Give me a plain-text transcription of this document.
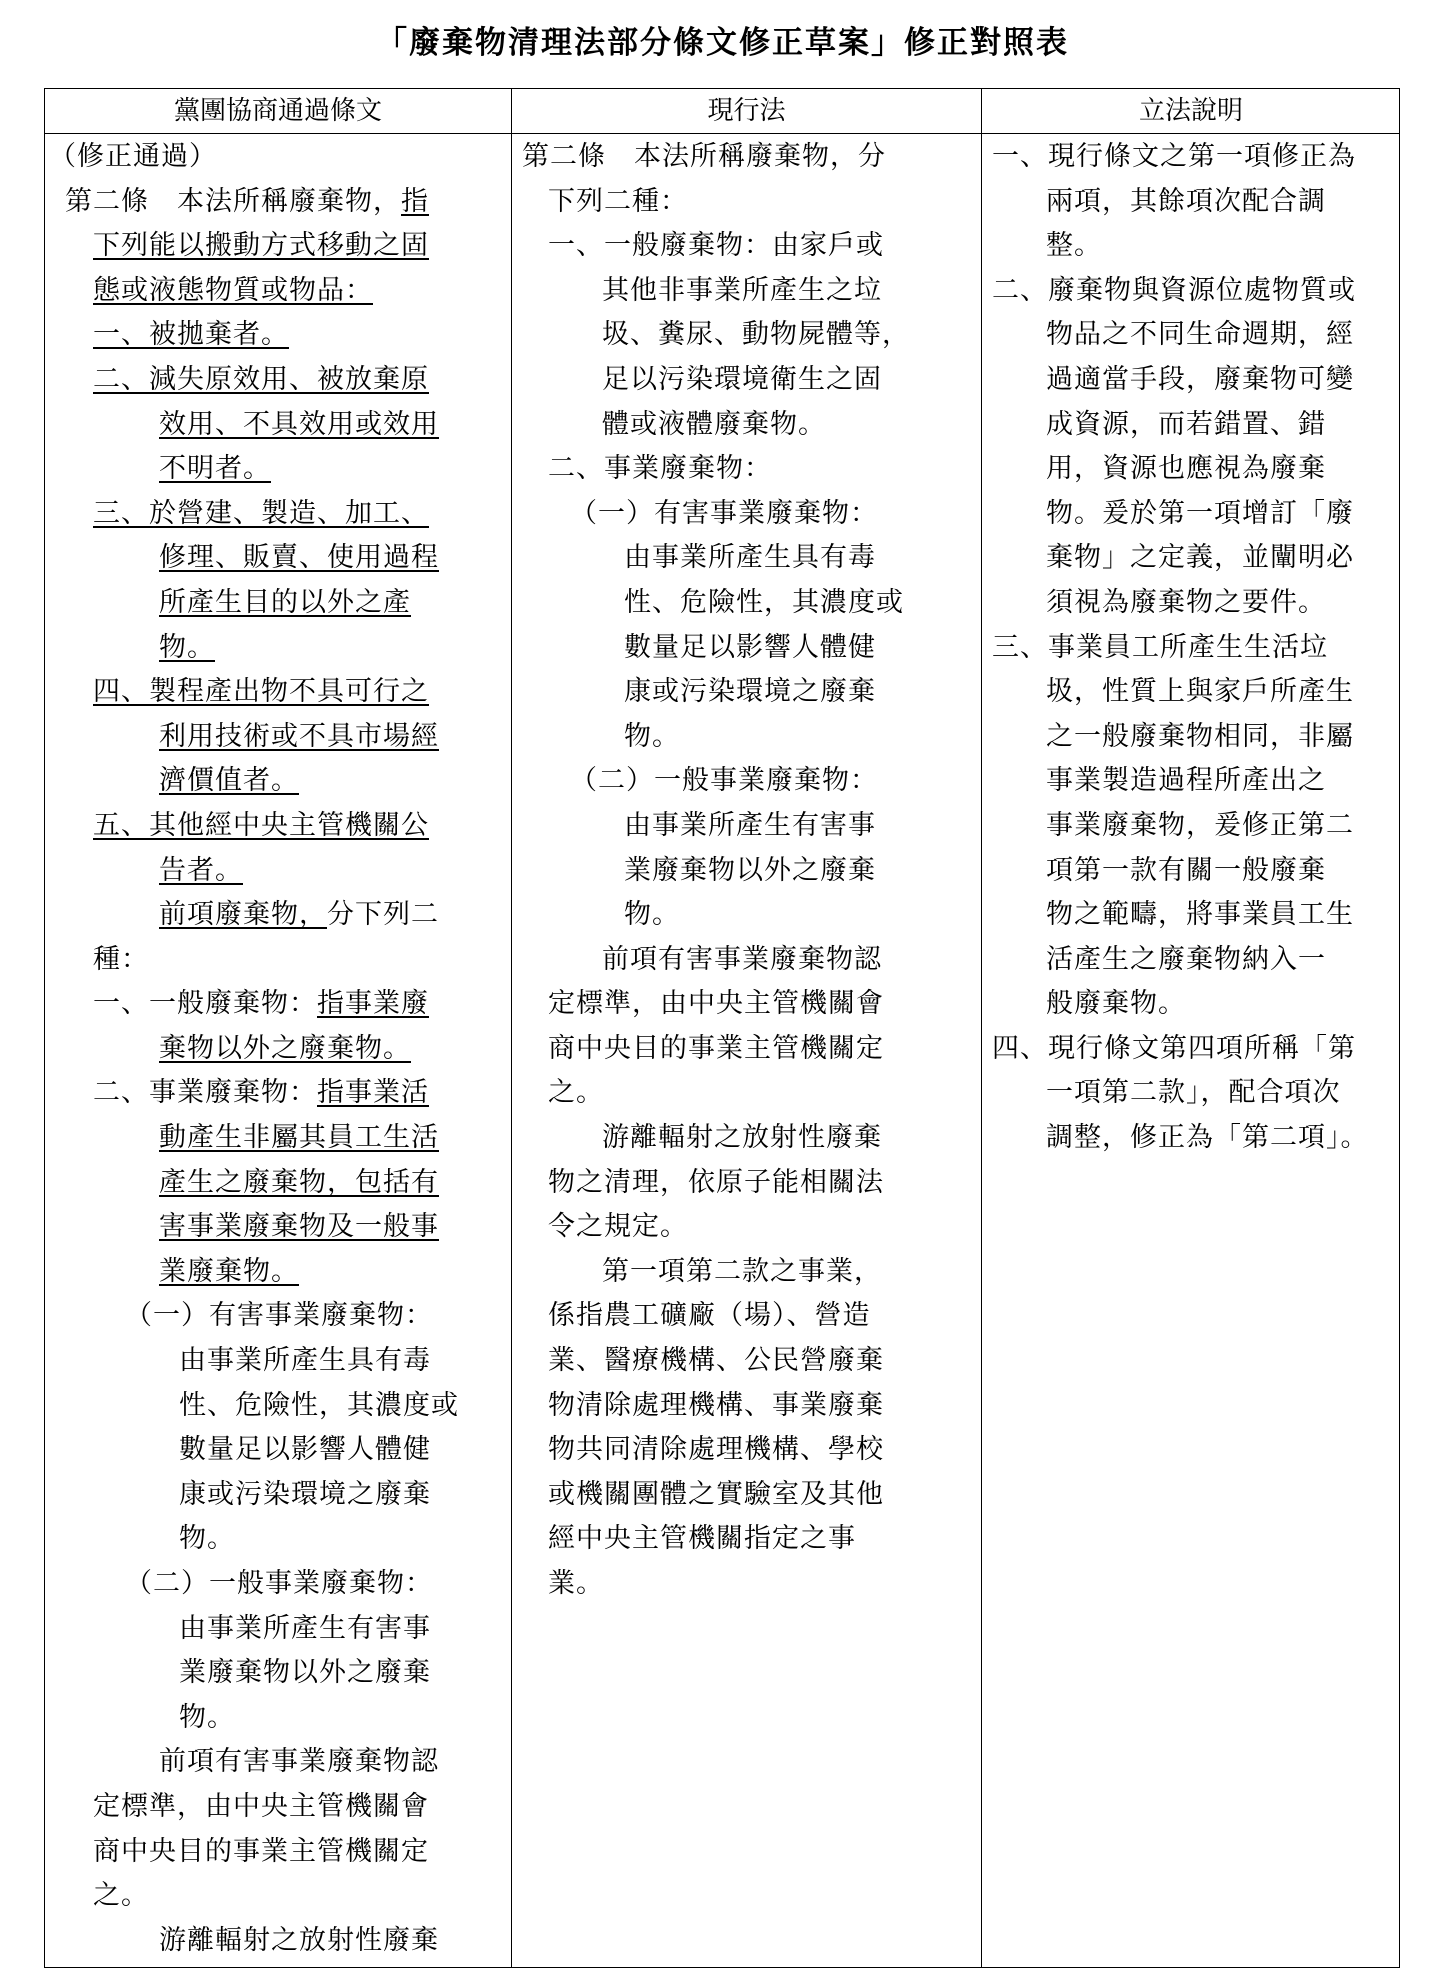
「廢棄物清理法部分條文修正草案」修正對照表
黨團協商通過條文	現行法	立法說明

（修正通過）

第二條　本法所稱廢棄物，指

下列能以搬動方式移動之固

態或液態物質或物品：

一、被拋棄者。

二、減失原效用、被放棄原

效用、不具效用或效用

不明者。

三、於營建、製造、加工、

修理、販賣、使用過程

所產生目的以外之產

物。

四、製程產出物不具可行之

利用技術或不具市場經

濟價值者。

五、其他經中央主管機關公

告者。

前項廢棄物，分下列二

種：

一、一般廢棄物：指事業廢

棄物以外之廢棄物。

二、事業廢棄物：指事業活

動產生非屬其員工生活

產生之廢棄物，包括有

害事業廢棄物及一般事

業廢棄物。

（一）有害事業廢棄物：

由事業所產生具有毒

性、危險性，其濃度或

數量足以影響人體健

康或污染環境之廢棄

物。

（二）一般事業廢棄物：

由事業所產生有害事

業廢棄物以外之廢棄

物。

前項有害事業廢棄物認

定標準，由中央主管機關會

商中央目的事業主管機關定

之。

游離輻射之放射性廢棄

第二條　本法所稱廢棄物，分

下列二種：

一、一般廢棄物：由家戶或

其他非事業所產生之垃

圾、糞尿、動物屍體等，

足以污染環境衛生之固

體或液體廢棄物。

二、事業廢棄物：

（一）有害事業廢棄物：

由事業所產生具有毒

性、危險性，其濃度或

數量足以影響人體健

康或污染環境之廢棄

物。

（二）一般事業廢棄物：

由事業所產生有害事

業廢棄物以外之廢棄

物。

前項有害事業廢棄物認

定標準，由中央主管機關會

商中央目的事業主管機關定

之。

游離輻射之放射性廢棄

物之清理，依原子能相關法

令之規定。

第一項第二款之事業，

係指農工礦廠（場）、營造

業、醫療機構、公民營廢棄

物清除處理機構、事業廢棄

物共同清除處理機構、學校

或機關團體之實驗室及其他

經中央主管機關指定之事

業。

一、現行條文之第一項修正為

兩項，其餘項次配合調

整。

二、廢棄物與資源位處物質或

物品之不同生命週期，經

過適當手段，廢棄物可變

成資源，而若錯置、錯

用，資源也應視為廢棄

物。爰於第一項增訂「廢

棄物」之定義，並闡明必

須視為廢棄物之要件。

三、事業員工所產生生活垃

圾，性質上與家戶所產生

之一般廢棄物相同，非屬

事業製造過程所產出之

事業廢棄物，爰修正第二

項第一款有關一般廢棄

物之範疇，將事業員工生

活產生之廢棄物納入一

般廢棄物。

四、現行條文第四項所稱「第

一項第二款」，配合項次

調整，修正為「第二項」。
